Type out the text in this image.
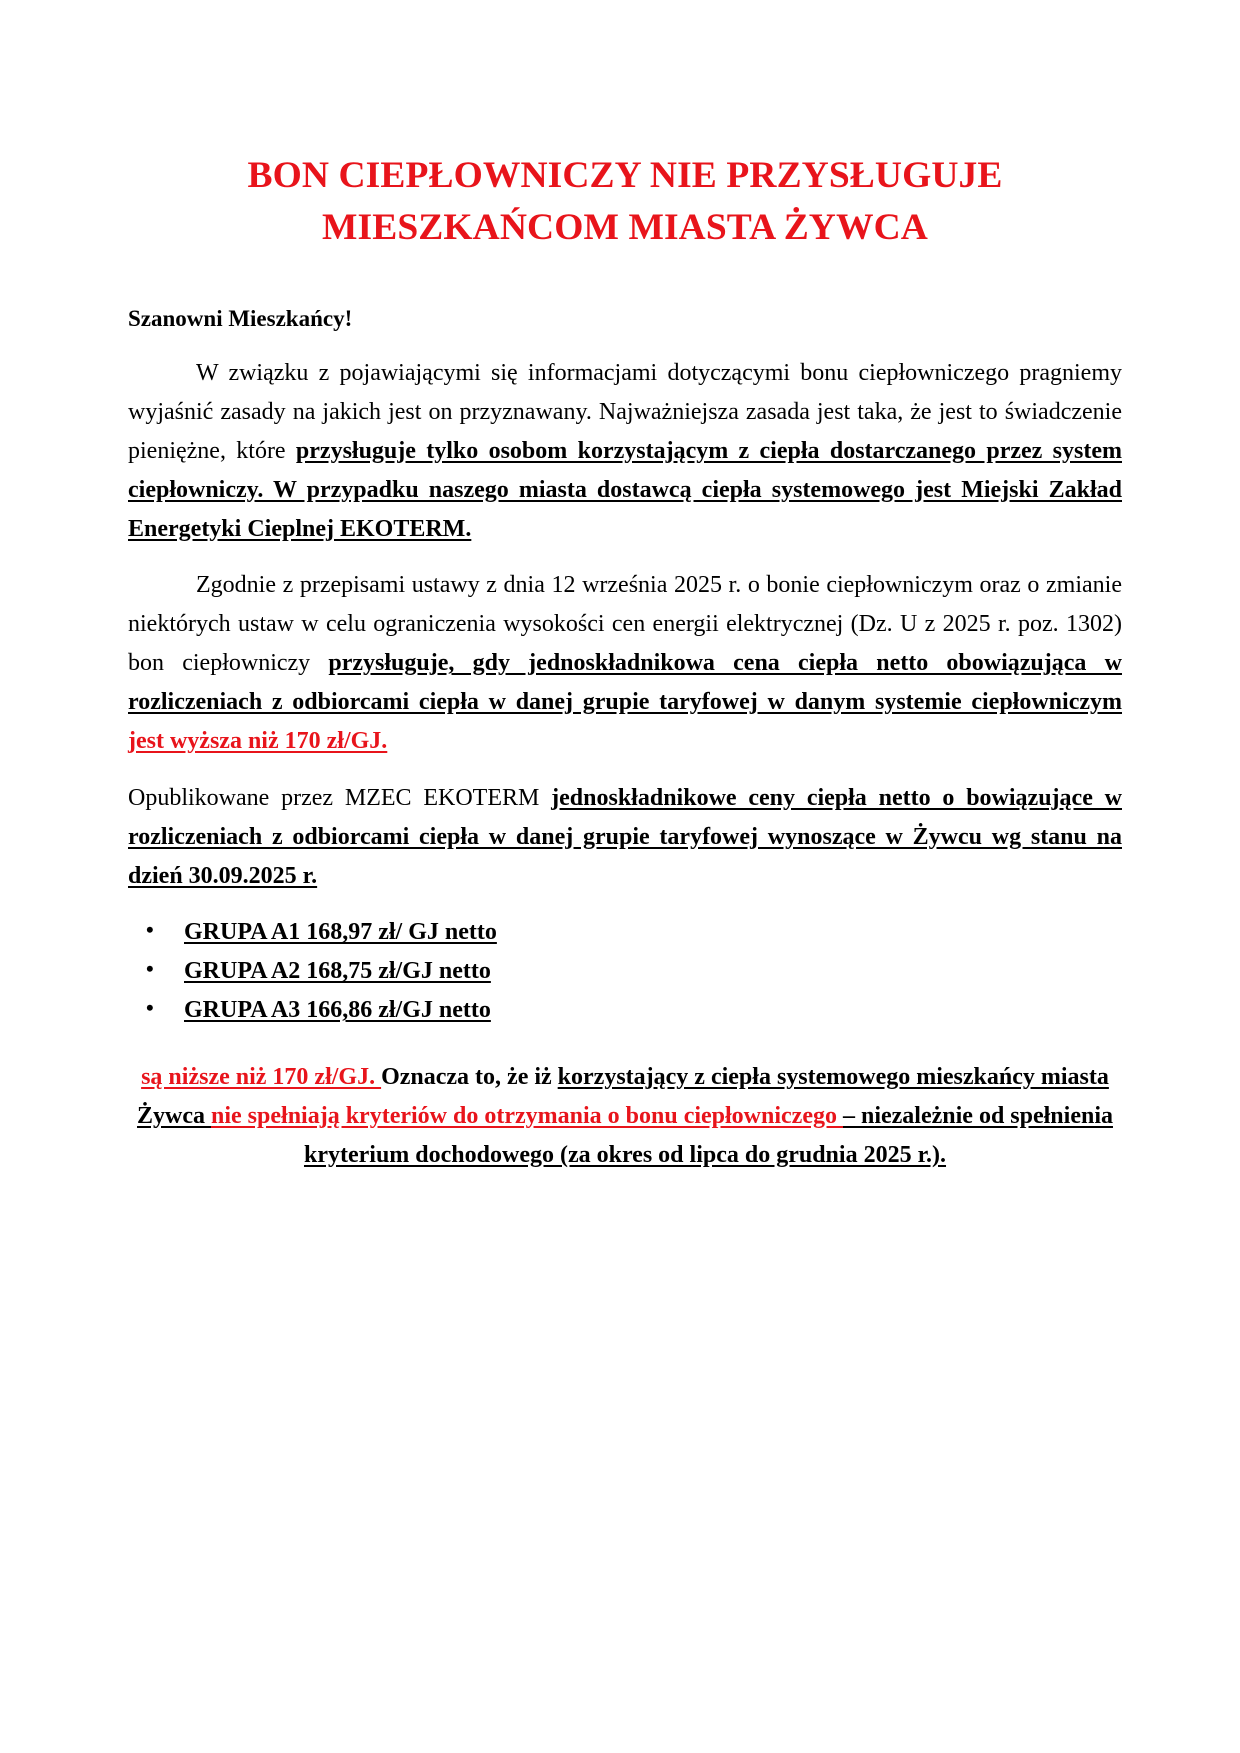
BON CIEPŁOWNICZY NIE PRZYSŁUGUJE
MIESZKAŃCOM MIASTA ŻYWCA

Szanowni Mieszkańcy!

W związku z pojawiającymi się informacjami dotyczącymi bonu ciepłowniczego pragniemy wyjaśnić zasady na jakich jest on przyznawany. Najważniejsza zasada jest taka, że jest to świadczenie pieniężne, które przysługuje tylko osobom korzystającym z ciepła dostarczanego przez system ciepłowniczy. W przypadku naszego miasta dostawcą ciepła systemowego jest Miejski Zakład Energetyki Cieplnej EKOTERM.

Zgodnie z przepisami ustawy z dnia 12 września 2025 r. o bonie ciepłowniczym oraz o zmianie niektórych ustaw w celu ograniczenia wysokości cen energii elektrycznej (Dz. U z 2025 r. poz. 1302) bon ciepłowniczy przysługuje, gdy jednoskładnikowa cena ciepła netto obowiązująca w rozliczeniach z odbiorcami ciepła w danej grupie taryfowej w danym systemie ciepłowniczym jest wyższa niż 170 zł/GJ.

Opublikowane przez MZEC EKOTERM jednoskładnikowe ceny ciepła netto o bowiązujące w rozliczeniach z odbiorcami ciepła w danej grupie taryfowej wynoszące w Żywcu wg stanu na dzień 30.09.2025 r.

• GRUPA A1 168,97 zł/ GJ netto
• GRUPA A2 168,75 zł/GJ netto
• GRUPA A3 166,86 zł/GJ netto

są niższe niż 170 zł/GJ. Oznacza to, że iż korzystający z ciepła systemowego mieszkańcy miasta Żywca nie spełniają kryteriów do otrzymania o bonu ciepłowniczego – niezależnie od spełnienia kryterium dochodowego (za okres od lipca do grudnia 2025 r.).
